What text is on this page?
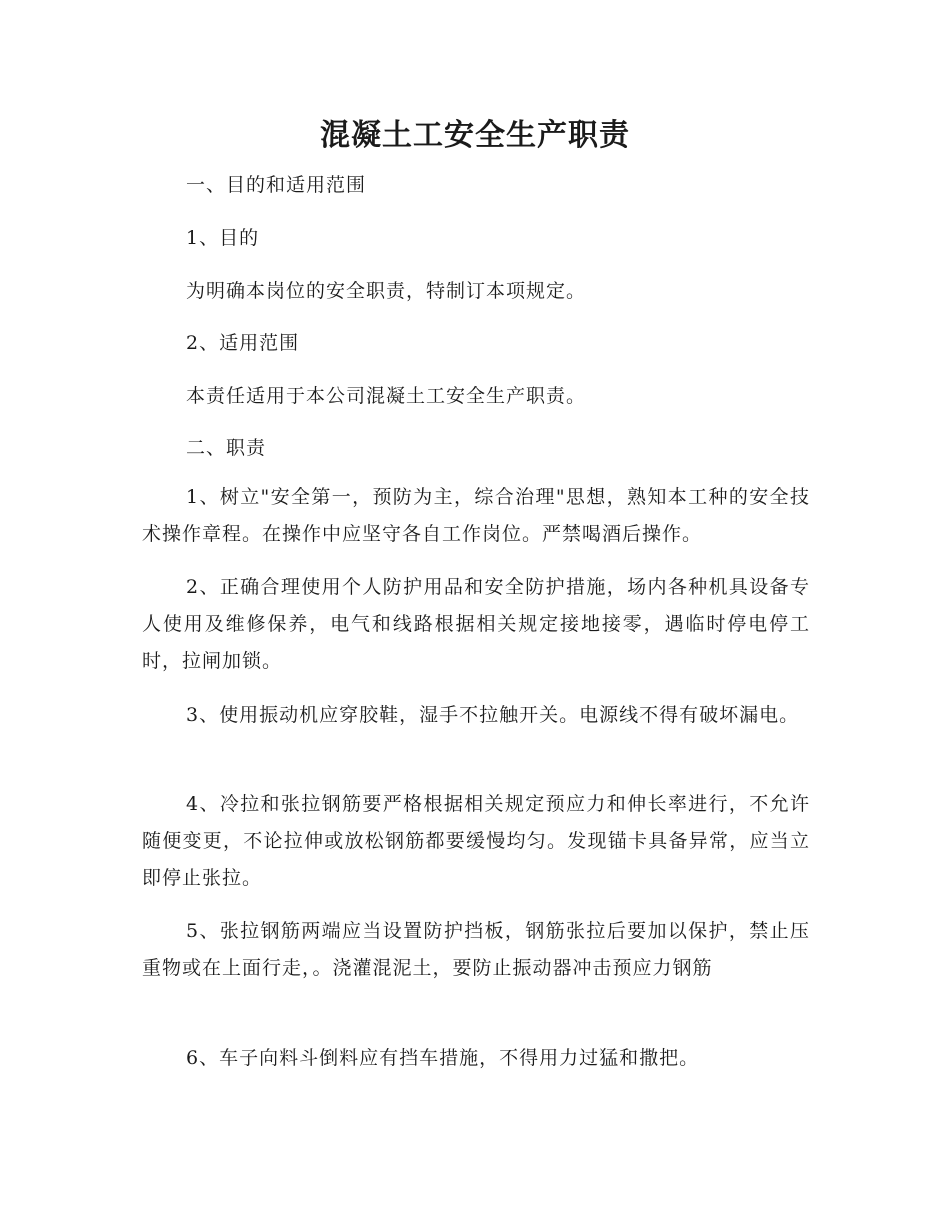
混凝土工安全生产职责
一、目的和适用范围
1、目的
为明确本岗位的安全职责，特制订本项规定。
2、适用范围
本责任适用于本公司混凝土工安全生产职责。
二、职责
1、树立"安全第一，预防为主，综合治理"思想，熟知本工种的安全技术操作章程。在操作中应坚守各自工作岗位。严禁喝酒后操作。
2、正确合理使用个人防护用品和安全防护措施，场内各种机具设备专人使用及维修保养，电气和线路根据相关规定接地接零，遇临时停电停工时，拉闸加锁。
3、使用振动机应穿胶鞋，湿手不拉触开关。电源线不得有破坏漏电。
4、冷拉和张拉钢筋要严格根据相关规定预应力和伸长率进行，不允许随便变更，不论拉伸或放松钢筋都要缓慢均匀。发现锚卡具备异常，应当立即停止张拉。
5、张拉钢筋两端应当设置防护挡板，钢筋张拉后要加以保护，禁止压重物或在上面行走，。浇灌混泥土，要防止振动器冲击预应力钢筋
6、车子向料斗倒料应有挡车措施，不得用力过猛和撒把。
